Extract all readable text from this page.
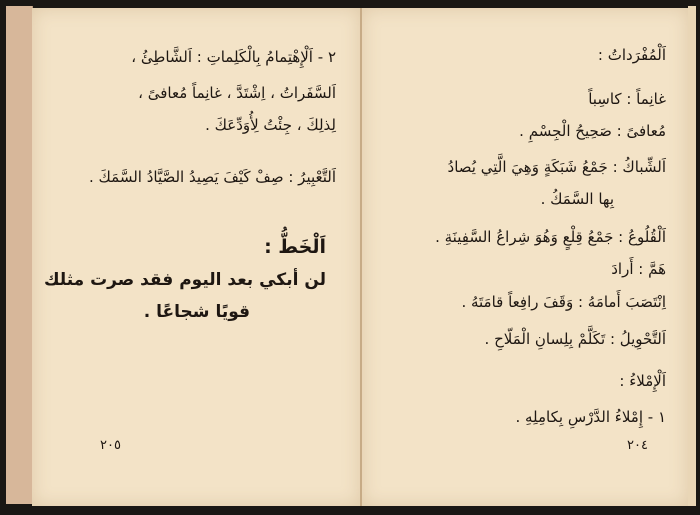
٢ - اَلْإِهْتِمامُ بِالْكَلِماتِ : اَلشَّاطِئُ ،
اَلسَّفَراتُ ، اِشْتَدَّ ، غانِماً مُعافىً ،
لِذلِكَ ، جِئْتُ لِأُوَدِّعَكَ .
اَلتَّعْبِيرُ : صِفْ كَيْفَ يَصِيدُ الصَّيَّادُ السَّمَكَ .
اَلْخَطُّ :
لن أبكي بعد اليوم فقد صرت مثلك
قويًا شجاعًا .
٢٠٥
اَلْمُفْرَداتُ :
غانِماً : كاسِباً
مُعافىً : صَحِيحُ الْجِسْمِ .
اَلشِّباكُ : جَمْعُ شَبَكَةٍ وَهِيَ الَّتِي يُصادُ
بِها السَّمَكُ .
اَلْقُلُوعُ : جَمْعُ قِلْعٍ وَهُوَ شِراعُ السَّفِينَةِ .
هَمَّ : أَرادَ
اِنْتَصَبَ أَمامَهُ : وَقَفَ رافِعاً قامَتَهُ .
اَلتَّحْوِيلُ : تَكَلَّمْ بِلِسانِ الْمَلّاحِ .
اَلْإِمْلاءُ :
١ - إِمْلاءُ الدَّرْسِ بِكامِلِهِ .
٢٠٤
